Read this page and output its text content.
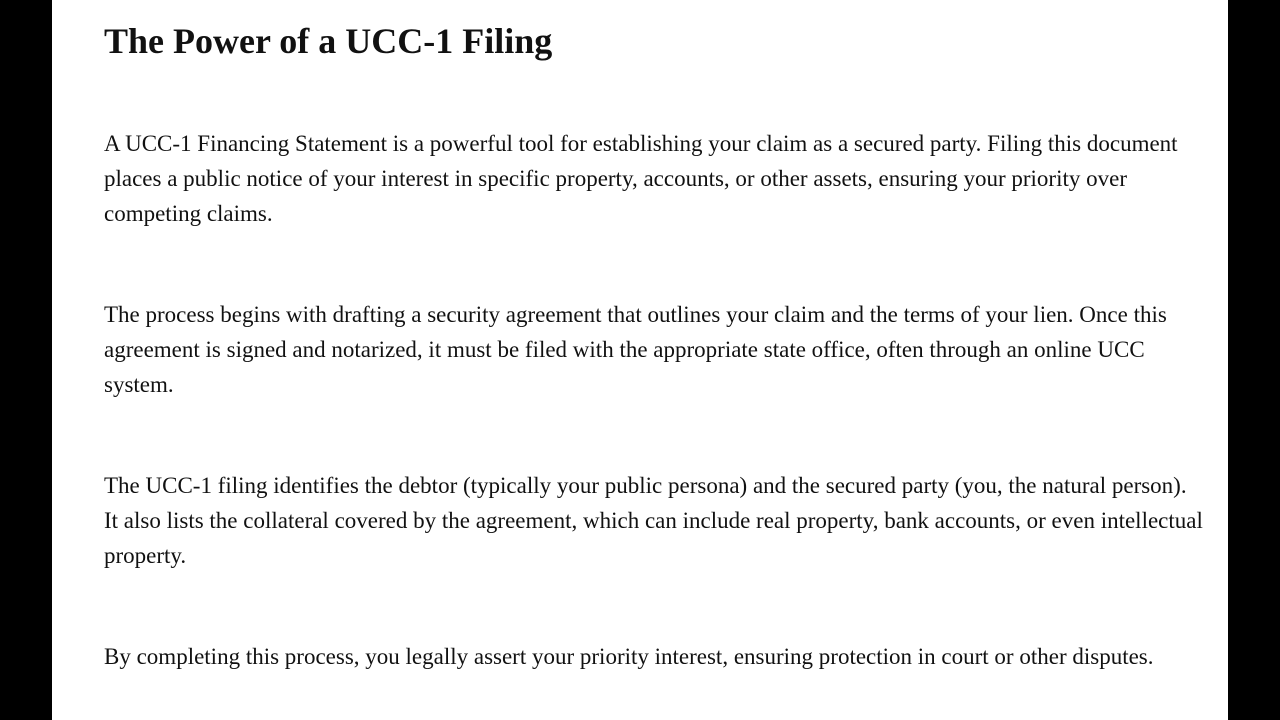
The Power of a UCC-1 Filing

A UCC-1 Financing Statement is a powerful tool for establishing your claim as a secured party. Filing this document places a public notice of your interest in specific property, accounts, or other assets, ensuring your priority over competing claims.

The process begins with drafting a security agreement that outlines your claim and the terms of your lien. Once this agreement is signed and notarized, it must be filed with the appropriate state office, often through an online UCC system.

The UCC-1 filing identifies the debtor (typically your public persona) and the secured party (you, the natural person). It also lists the collateral covered by the agreement, which can include real property, bank accounts, or even intellectual property.

By completing this process, you legally assert your priority interest, ensuring protection in court or other disputes.
